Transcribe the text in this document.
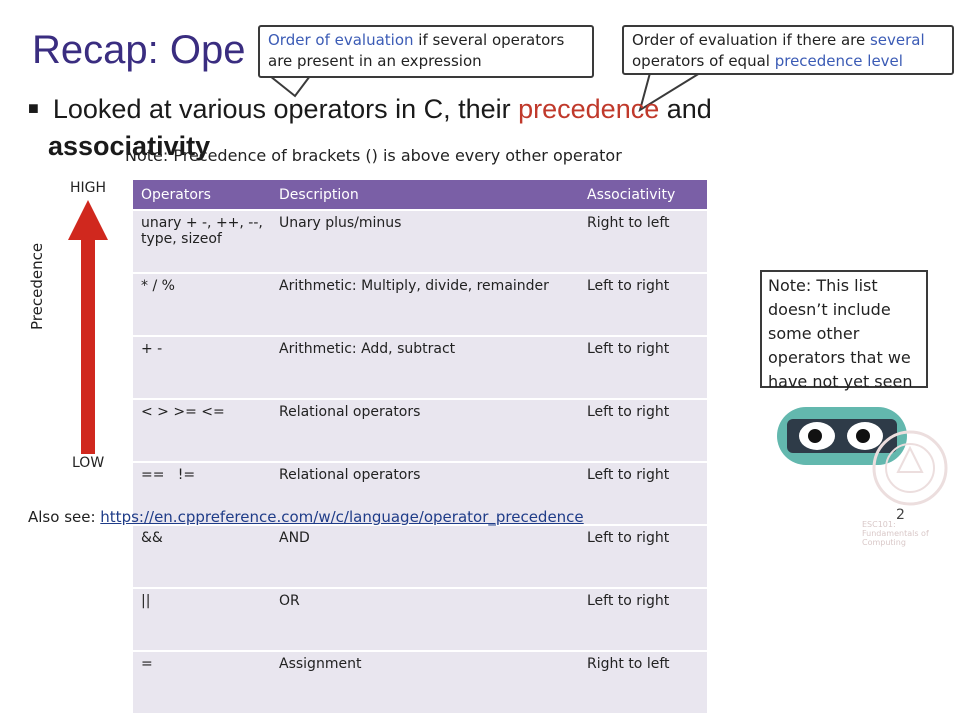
Recap: Ope	Order of evaluation if several operators are present in an expression
Order of evaluation if there are several operators of equal precedence level
■ Looked at various operators in C, their precedence and
associativity
Note: Precedence of brackets () is above every other operator
Precedence
HIGH
LOW
Operators	Description	Associativity
unary + -, ++, --, type, sizeof	Unary plus/minus	Right to left
* / %	Arithmetic: Multiply, divide, remainder	Left to right
+ -	Arithmetic: Add, subtract	Left to right
< > >= <=	Relational operators	Left to right
==   !=	Relational operators	Left to right
&&	AND	Left to right
||	OR	Left to right
=	Assignment	Right to left
Note: This list doesn’t include some other operators that we have not yet seen
ESC101: Fundamentals of Computing
Also see: https://en.cppreference.com/w/c/language/operator_precedence	2
